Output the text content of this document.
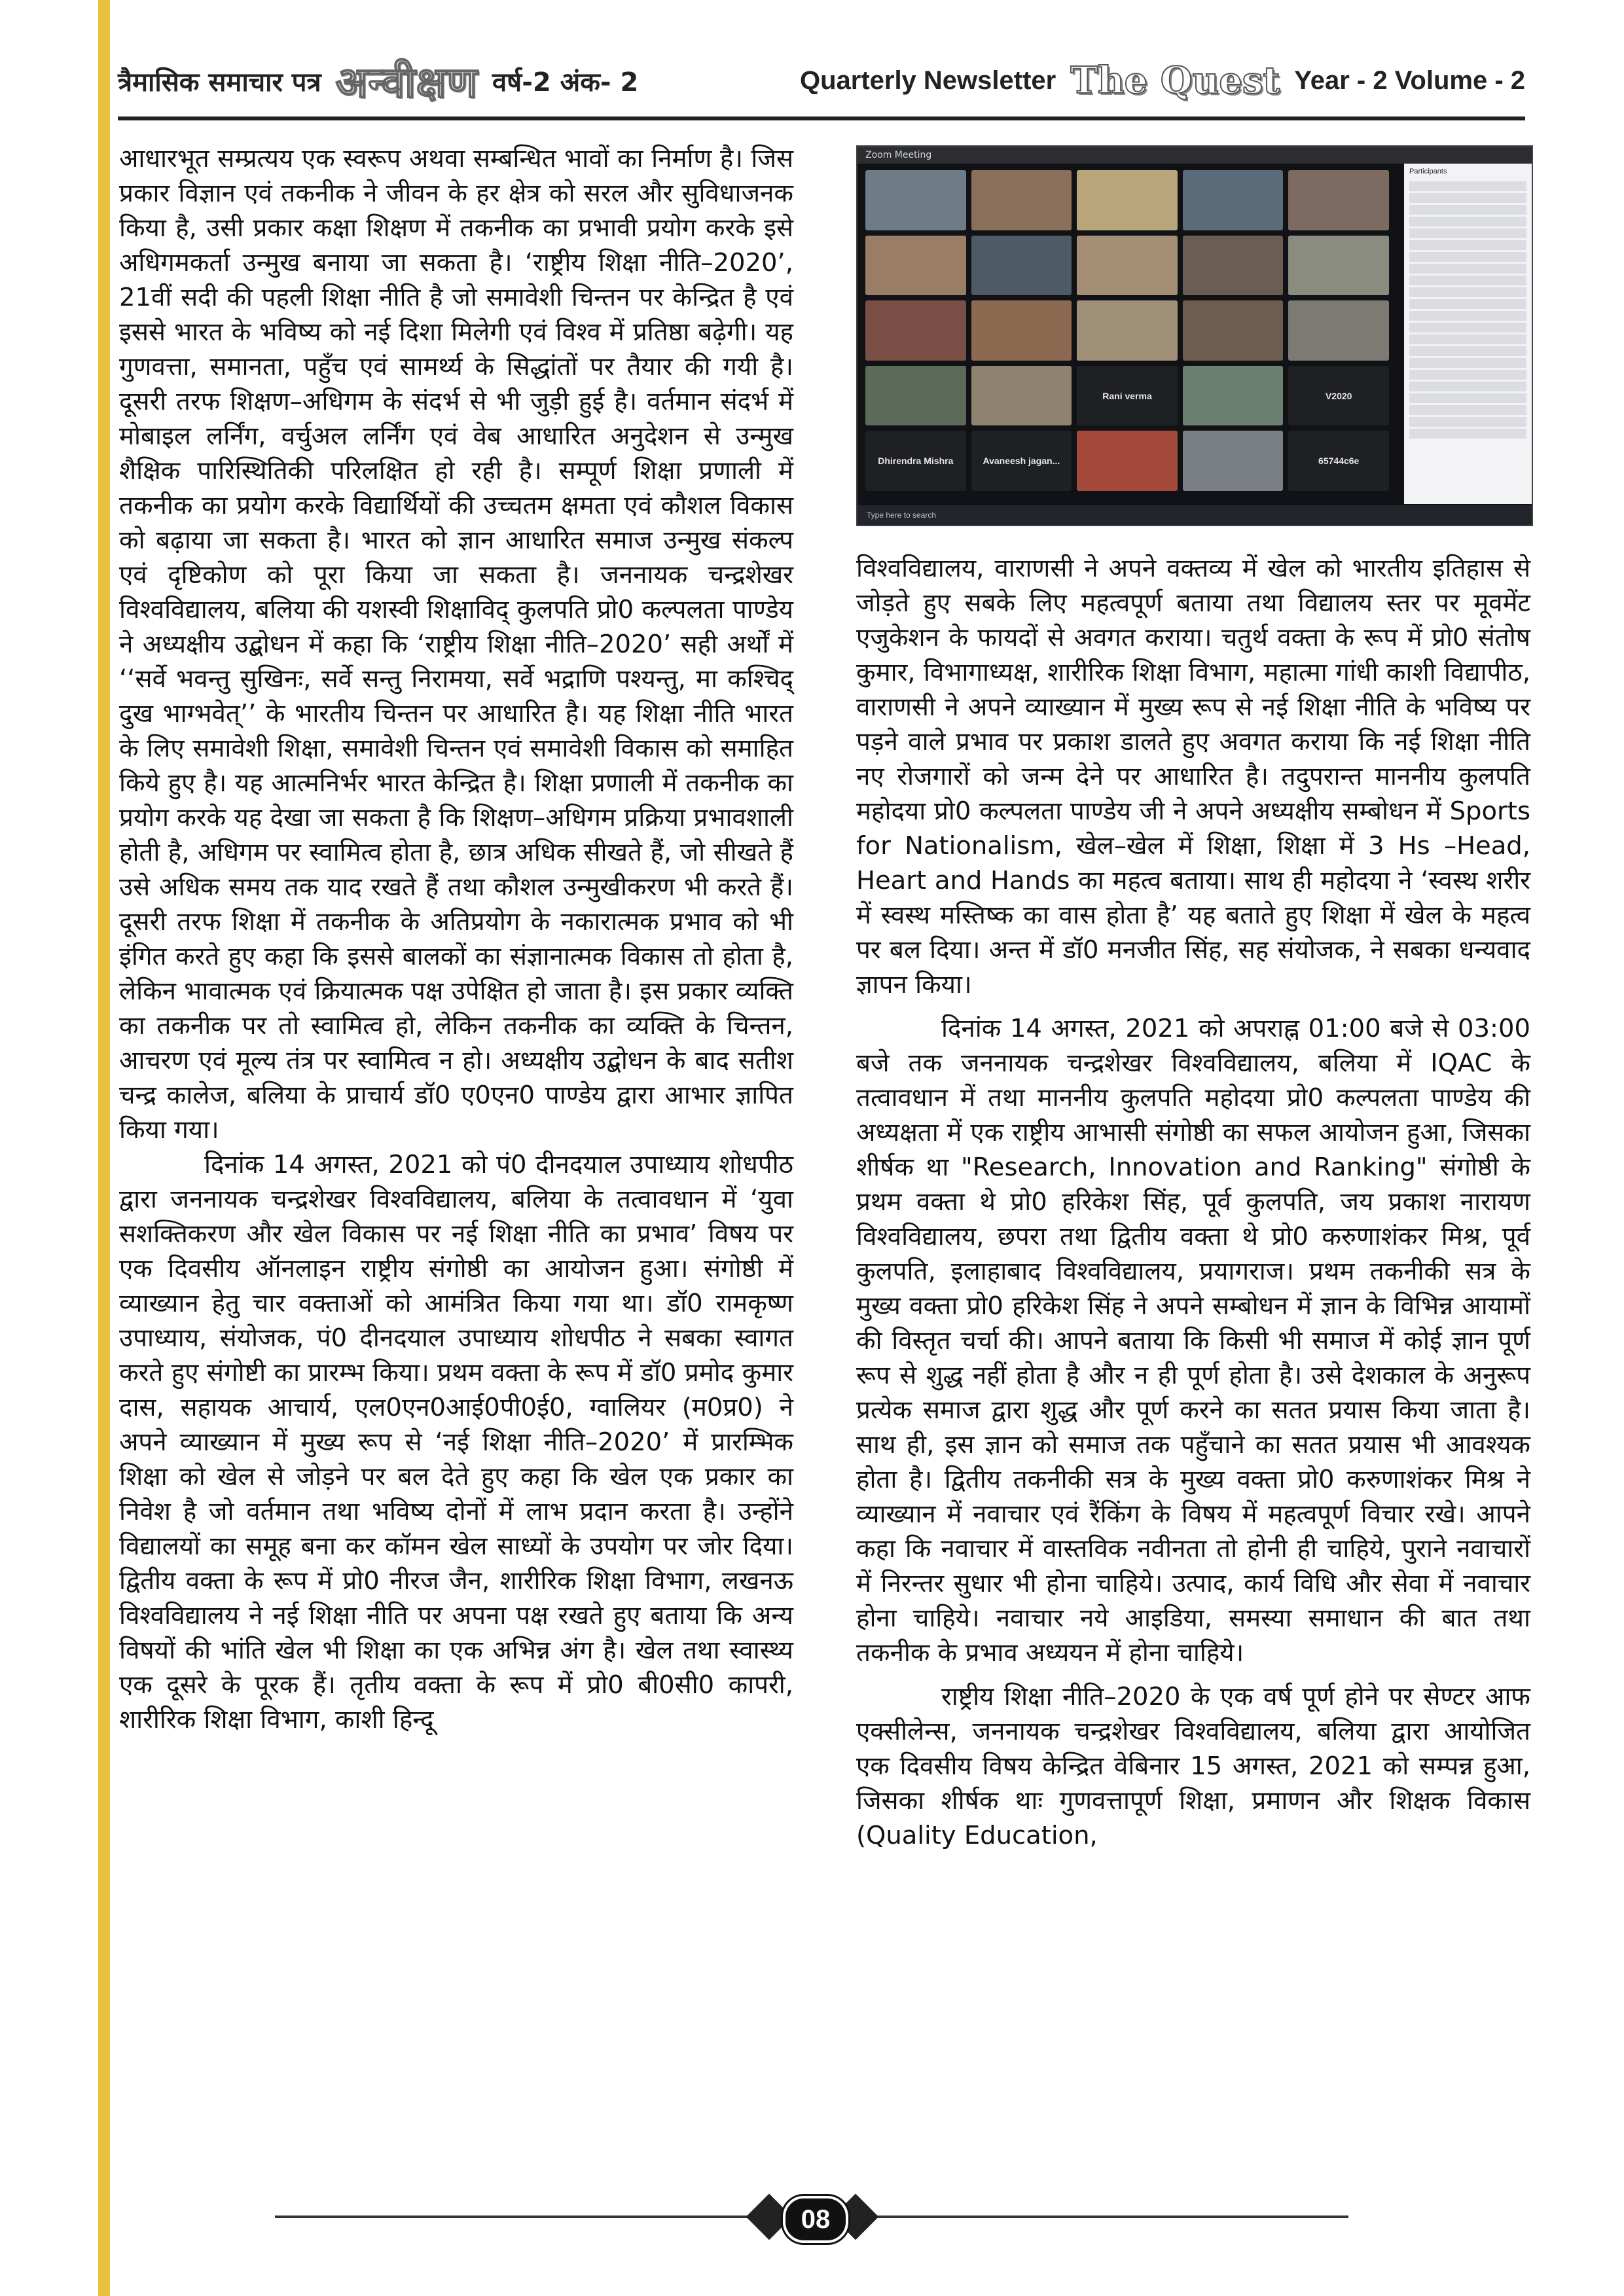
त्रैमासिक समाचार पत्र अन्वीक्षण वर्ष-2 अंक- 2	Quarterly Newsletter The Quest Year - 2 Volume - 2

आधारभूत सम्प्रत्यय एक स्वरूप अथवा सम्बन्धित भावों का निर्माण है। जिस प्रकार विज्ञान एवं तकनीक ने जीवन के हर क्षेत्र को सरल और सुविधाजनक किया है, उसी प्रकार कक्षा शिक्षण में तकनीक का प्रभावी प्रयोग करके इसे अधिगमकर्ता उन्मुख बनाया जा सकता है। ‘राष्ट्रीय शिक्षा नीति–2020’, 21वीं सदी की पहली शिक्षा नीति है जो समावेशी चिन्तन पर केन्द्रित है एवं इससे भारत के भविष्य को नई दिशा मिलेगी एवं विश्व में प्रतिष्ठा बढ़ेगी। यह गुणवत्ता, समानता, पहुँच एवं सामर्थ्य के सिद्धांतों पर तैयार की गयी है। दूसरी तरफ शिक्षण–अधिगम के संदर्भ से भी जुड़ी हुई है। वर्तमान संदर्भ में मोबाइल लर्निंग, वर्चुअल लर्निंग एवं वेब आधारित अनुदेशन से उन्मुख शैक्षिक पारिस्थितिकी परिलक्षित हो रही है। सम्पूर्ण शिक्षा प्रणाली में तकनीक का प्रयोग करके विद्यार्थियों की उच्चतम क्षमता एवं कौशल विकास को बढ़ाया जा सकता है। भारत को ज्ञान आधारित समाज उन्मुख संकल्प एवं दृष्टिकोण को पूरा किया जा सकता है। जननायक चन्द्रशेखर विश्वविद्यालय, बलिया की यशस्वी शिक्षाविद् कुलपति प्रो0 कल्पलता पाण्डेय ने अध्यक्षीय उद्बोधन में कहा कि ‘राष्ट्रीय शिक्षा नीति–2020’ सही अर्थों में ‘‘सर्वे भवन्तु सुखिनः, सर्वे सन्तु निरामया, सर्वे भद्राणि पश्यन्तु, मा कश्चिद् दुख भाग्भवेत्’’ के भारतीय चिन्तन पर आधारित है। यह शिक्षा नीति भारत के लिए समावेशी शिक्षा, समावेशी चिन्तन एवं समावेशी विकास को समाहित किये हुए है। यह आत्मनिर्भर भारत केन्द्रित है। शिक्षा प्रणाली में तकनीक का प्रयोग करके यह देखा जा सकता है कि शिक्षण–अधिगम प्रक्रिया प्रभावशाली होती है, अधिगम पर स्वामित्व होता है, छात्र अधिक सीखते हैं, जो सीखते हैं उसे अधिक समय तक याद रखते हैं तथा कौशल उन्मुखीकरण भी करते हैं। दूसरी तरफ शिक्षा में तकनीक के अतिप्रयोग के नकारात्मक प्रभाव को भी इंगित करते हुए कहा कि इससे बालकों का संज्ञानात्मक विकास तो होता है, लेकिन भावात्मक एवं क्रियात्मक पक्ष उपेक्षित हो जाता है। इस प्रकार व्यक्ति का तकनीक पर तो स्वामित्व हो, लेकिन तकनीक का व्यक्ति के चिन्तन, आचरण एवं मूल्य तंत्र पर स्वामित्व न हो। अध्यक्षीय उद्बोधन के बाद सतीश चन्द्र कालेज, बलिया के प्राचार्य डॉ0 ए0एन0 पाण्डेय द्वारा आभार ज्ञापित किया गया।

दिनांक 14 अगस्त, 2021 को पं0 दीनदयाल उपाध्याय शोधपीठ द्वारा जननायक चन्द्रशेखर विश्वविद्यालय, बलिया के तत्वावधान में ‘युवा सशक्तिकरण और खेल विकास पर नई शिक्षा नीति का प्रभाव’ विषय पर एक दिवसीय ऑनलाइन राष्ट्रीय संगोष्ठी का आयोजन हुआ। संगोष्ठी में व्याख्यान हेतु चार वक्ताओं को आमंत्रित किया गया था। डॉ0 रामकृष्ण उपाध्याय, संयोजक, पं0 दीनदयाल उपाध्याय शोधपीठ ने सबका स्वागत करते हुए संगोष्टी का प्रारम्भ किया। प्रथम वक्ता के रूप में डॉ0 प्रमोद कुमार दास, सहायक आचार्य, एल0एन0आई0पी0ई0, ग्वालियर (म0प्र0) ने अपने व्याख्यान में मुख्य रूप से ‘नई शिक्षा नीति–2020’ में प्रारम्भिक शिक्षा को खेल से जोड़ने पर बल देते हुए कहा कि खेल एक प्रकार का निवेश है जो वर्तमान तथा भविष्य दोनों में लाभ प्रदान करता है। उन्होंने विद्यालयों का समूह बना कर कॉमन खेल साध्यों के उपयोग पर जोर दिया। द्वितीय वक्ता के रूप में प्रो0 नीरज जैन, शारीरिक शिक्षा विभाग, लखनऊ विश्वविद्यालय ने नई शिक्षा नीति पर अपना पक्ष रखते हुए बताया कि अन्य विषयों की भांति खेल भी शिक्षा का एक अभिन्न अंग है। खेल तथा स्वास्थ्य एक दूसरे के पूरक हैं। तृतीय वक्ता के रूप में प्रो0 बी0सी0 कापरी, शारीरिक शिक्षा विभाग, काशी हिन्दू

Zoom Meeting
Rani verma	V2020
Dhirendra Mishra	Avaneesh jagan...	65744c6e
Participants
Type here to search

विश्वविद्यालय, वाराणसी ने अपने वक्तव्य में खेल को भारतीय इतिहास से जोड़ते हुए सबके लिए महत्वपूर्ण बताया तथा विद्यालय स्तर पर मूवमेंट एजुकेशन के फायदों से अवगत कराया। चतुर्थ वक्ता के रूप में प्रो0 संतोष कुमार, विभागाध्यक्ष, शारीरिक शिक्षा विभाग, महात्मा गांधी काशी विद्यापीठ, वाराणसी ने अपने व्याख्यान में मुख्य रूप से नई शिक्षा नीति के भविष्य पर पड़ने वाले प्रभाव पर प्रकाश डालते हुए अवगत कराया कि नई शिक्षा नीति नए रोजगारों को जन्म देने पर आधारित है। तदुपरान्त माननीय कुलपति महोदया प्रो0 कल्पलता पाण्डेय जी ने अपने अध्यक्षीय सम्बोधन में Sports for Nationalism, खेल–खेल में शिक्षा, शिक्षा में 3 Hs –Head, Heart and Hands का महत्व बताया। साथ ही महोदया ने ‘स्वस्थ शरीर में स्वस्थ मस्तिष्क का वास होता है’ यह बताते हुए शिक्षा में खेल के महत्व पर बल दिया। अन्त में डॉ0 मनजीत सिंह, सह संयोजक, ने सबका धन्यवाद ज्ञापन किया।

दिनांक 14 अगस्त, 2021 को अपराह्न 01:00 बजे से 03:00 बजे तक जननायक चन्द्रशेखर विश्वविद्यालय, बलिया में IQAC के तत्वावधान में तथा माननीय कुलपति महोदया प्रो0 कल्पलता पाण्डेय की अध्यक्षता में एक राष्ट्रीय आभासी संगोष्ठी का सफल आयोजन हुआ, जिसका शीर्षक था "Research, Innovation and Ranking" संगोष्ठी के प्रथम वक्ता थे प्रो0 हरिकेश सिंह, पूर्व कुलपति, जय प्रकाश नारायण विश्वविद्यालय, छपरा तथा द्वितीय वक्ता थे प्रो0 करुणाशंकर मिश्र, पूर्व कुलपति, इलाहाबाद विश्वविद्यालय, प्रयागराज। प्रथम तकनीकी सत्र के मुख्य वक्ता प्रो0 हरिकेश सिंह ने अपने सम्बोधन में ज्ञान के विभिन्न आयामों की विस्तृत चर्चा की। आपने बताया कि किसी भी समाज में कोई ज्ञान पूर्ण रूप से शुद्ध नहीं होता है और न ही पूर्ण होता है। उसे देशकाल के अनुरूप प्रत्येक समाज द्वारा शुद्ध और पूर्ण करने का सतत प्रयास किया जाता है। साथ ही, इस ज्ञान को समाज तक पहुँचाने का सतत प्रयास भी आवश्यक होता है। द्वितीय तकनीकी सत्र के मुख्य वक्ता प्रो0 करुणाशंकर मिश्र ने व्याख्यान में नवाचार एवं रैंकिंग के विषय में महत्वपूर्ण विचार रखे। आपने कहा कि नवाचार में वास्तविक नवीनता तो होनी ही चाहिये, पुराने नवाचारों में निरन्तर सुधार भी होना चाहिये। उत्पाद, कार्य विधि और सेवा में नवाचार होना चाहिये। नवाचार नये आइडिया, समस्या समाधान की बात तथा तकनीक के प्रभाव अध्ययन में होना चाहिये।

राष्ट्रीय शिक्षा नीति–2020 के एक वर्ष पूर्ण होने पर सेण्टर आफ एक्सीलेन्स, जननायक चन्द्रशेखर विश्वविद्यालय, बलिया द्वारा आयोजित एक दिवसीय विषय केन्द्रित वेबिनार 15 अगस्त, 2021 को सम्पन्न हुआ, जिसका शीर्षक थाः गुणवत्तापूर्ण शिक्षा, प्रमाणन और शिक्षक विकास (Quality Education,

08
